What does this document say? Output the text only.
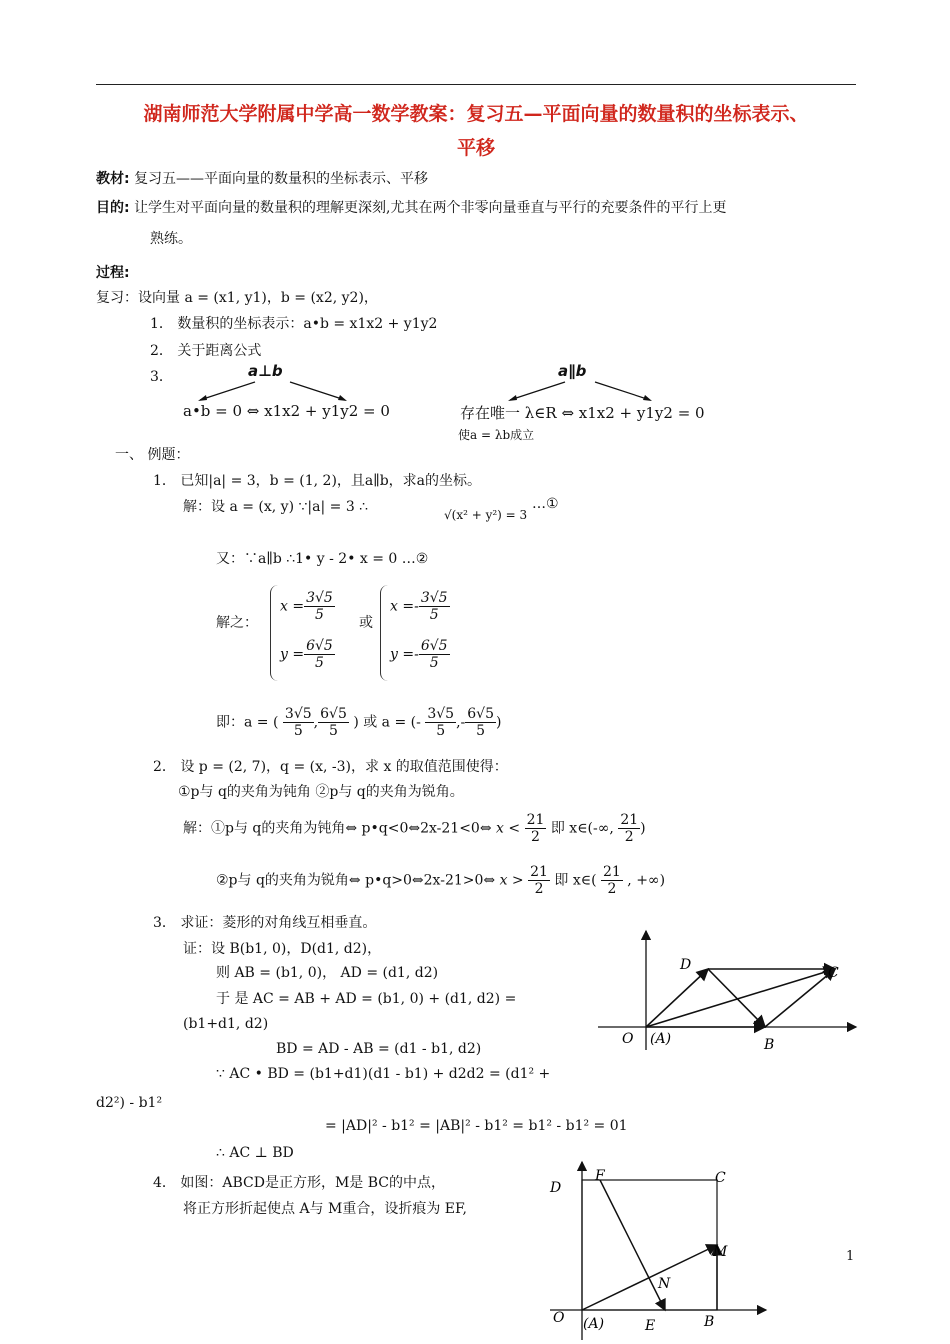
湖南师范大学附属中学高一数学教案：复习五—平面向量的数量积的坐标表示、
平移
教材: 复习五——平面向量的数量积的坐标表示、平移
目的: 让学生对平面向量的数量积的理解更深刻,尤其在两个非零向量垂直与平行的充要条件的平行上更
熟练。
过程:
复习：设向量 a = (x1, y1)，b = (x2, y2)，
1． 数量积的坐标表示：a•b = x1x2 + y1y2
2． 关于距离公式
3．	a⊥b
a•b = 0 ⇔ x1x2 + y1y2 = 0
a∥b
存在唯一 λ∈R ⇔ x1x2 + y1y2 = 0
使a = λb成立
一、 例题：
1． 已知|a| = 3，b = (1, 2)，且a∥b，求a的坐标。
解：设 a = (x, y) ∵|a| = 3 ∴	√(x² + y²) = 3
…①
又：∵a∥b ∴1• y - 2• x = 0 …②
解之：
$x = \frac{3√5}{5}$
$y = \frac{6√5}{5}$
或
$x =- \frac{3√5}{5}$
$y =- \frac{6√5}{5}$
即：a = ( $\frac{3√5}{5}$ , $\frac{6√5}{5}$ ) 或 a = (- $\frac{3√5}{5}$ ,- $\frac{6√5}{5}$ )
2． 设 p = (2, 7)，q = (x, -3)，求 x 的取值范围使得：
①p与 q的夹角为钝角 ②p与 q的夹角为锐角。
解：①p与 q的夹角为钝角⇔ p•q<0⇔2x-21<0⇔ $x < \frac{21}{2}$ 即 x∈(-∞, $\frac{21}{2}$ )
②p与 q的夹角为锐角⇔ p•q>0⇔2x-21>0⇔ $x > \frac{21}{2}$ 即 x∈( $\frac{21}{2}$ , +∞)
3． 求证：菱形的对角线互相垂直。
证：设 B(b1, 0)，D(d1, d2)，
则 AB = (b1, 0)， AD = (d1, d2)
于 是 AC = AB + AD = (b1, 0) + (d1, d2) =
(b1+d1, d2)
BD = AD - AB = (d1 - b1, d2)
∵ AC • BD = (b1+d1)(d1 - b1) + d2d2 = (d1² +
d2²) - b1²
= |AD|² - b1² = |AB|² - b1² = b1² - b1² = 01
∴ AC ⊥ BD
4． 如图：ABCD是正方形，M是 BC的中点，
将正方形折起使点 A与 M重合，设折痕为 EF,
D	C
O (A)	B
D
F	C
M
N
O (A)	E	B
1
